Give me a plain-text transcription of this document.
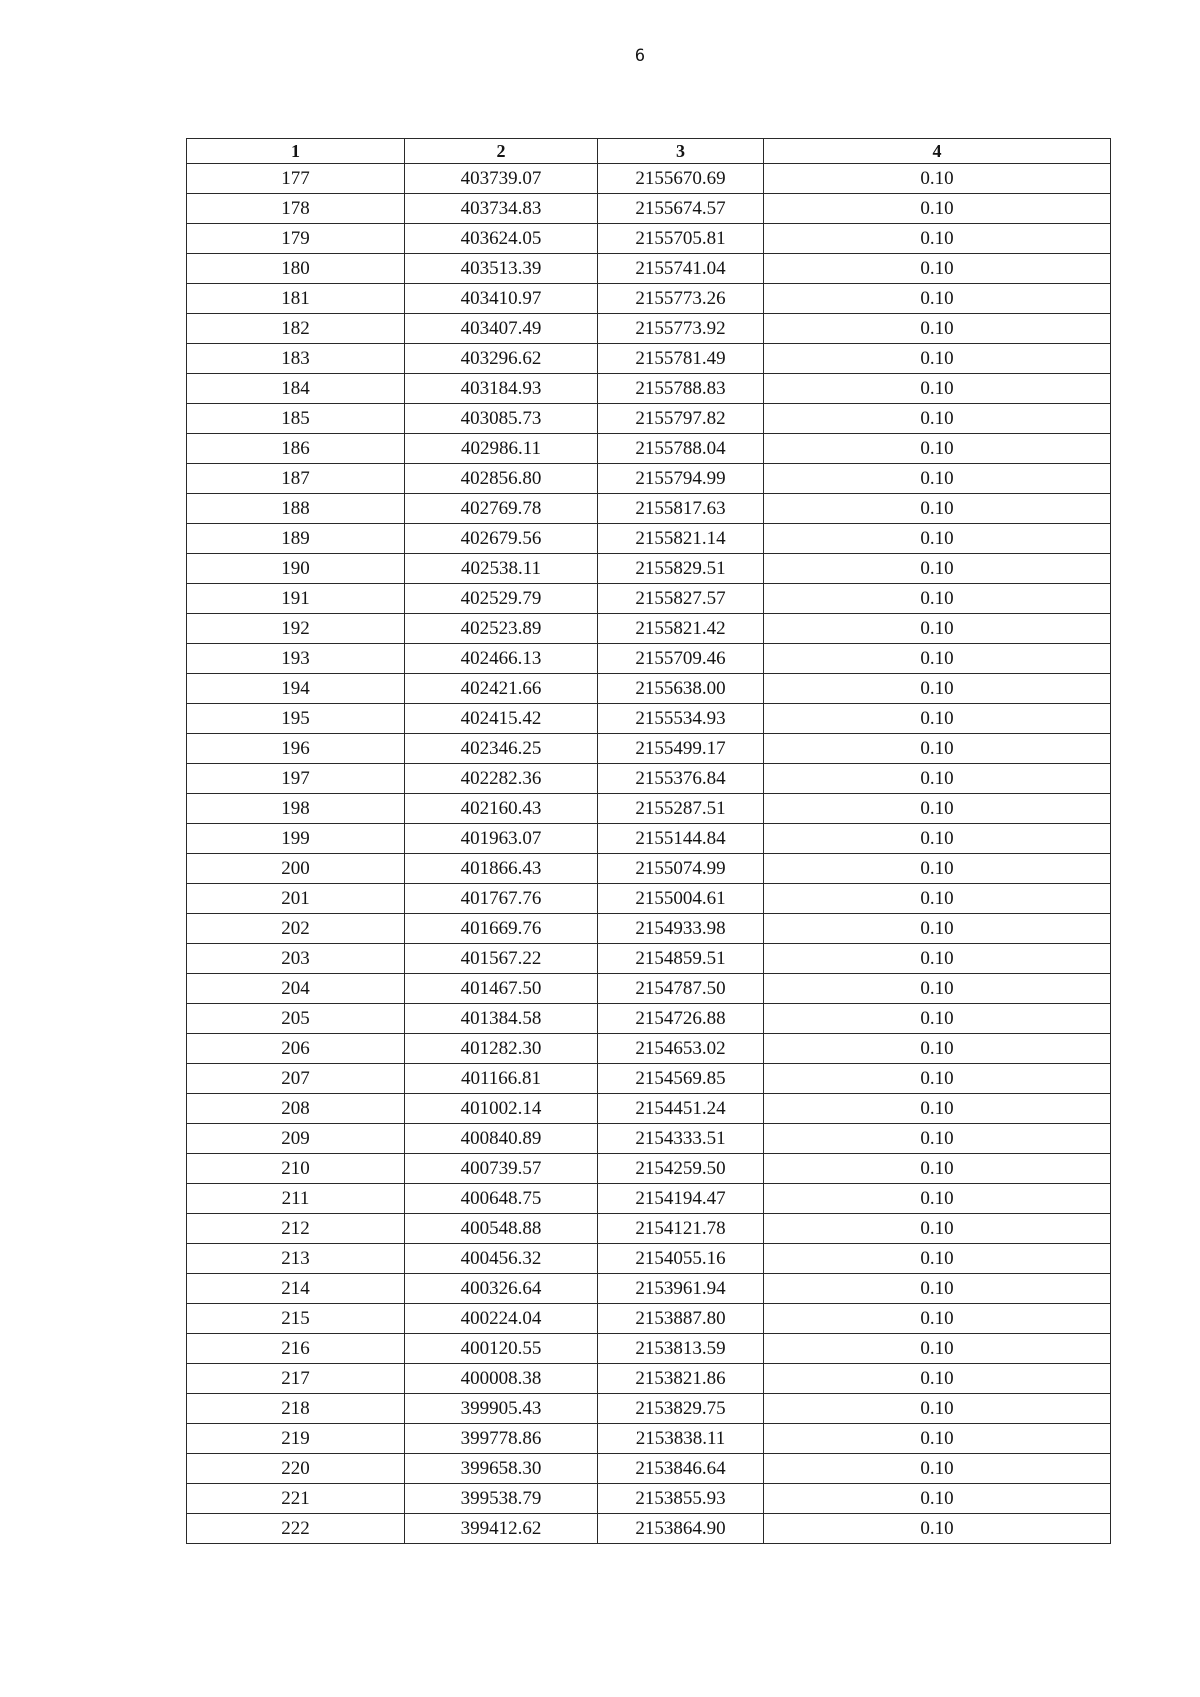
6
1	2	3	4
177	403739.07	2155670.69	0.10
178	403734.83	2155674.57	0.10
179	403624.05	2155705.81	0.10
180	403513.39	2155741.04	0.10
181	403410.97	2155773.26	0.10
182	403407.49	2155773.92	0.10
183	403296.62	2155781.49	0.10
184	403184.93	2155788.83	0.10
185	403085.73	2155797.82	0.10
186	402986.11	2155788.04	0.10
187	402856.80	2155794.99	0.10
188	402769.78	2155817.63	0.10
189	402679.56	2155821.14	0.10
190	402538.11	2155829.51	0.10
191	402529.79	2155827.57	0.10
192	402523.89	2155821.42	0.10
193	402466.13	2155709.46	0.10
194	402421.66	2155638.00	0.10
195	402415.42	2155534.93	0.10
196	402346.25	2155499.17	0.10
197	402282.36	2155376.84	0.10
198	402160.43	2155287.51	0.10
199	401963.07	2155144.84	0.10
200	401866.43	2155074.99	0.10
201	401767.76	2155004.61	0.10
202	401669.76	2154933.98	0.10
203	401567.22	2154859.51	0.10
204	401467.50	2154787.50	0.10
205	401384.58	2154726.88	0.10
206	401282.30	2154653.02	0.10
207	401166.81	2154569.85	0.10
208	401002.14	2154451.24	0.10
209	400840.89	2154333.51	0.10
210	400739.57	2154259.50	0.10
211	400648.75	2154194.47	0.10
212	400548.88	2154121.78	0.10
213	400456.32	2154055.16	0.10
214	400326.64	2153961.94	0.10
215	400224.04	2153887.80	0.10
216	400120.55	2153813.59	0.10
217	400008.38	2153821.86	0.10
218	399905.43	2153829.75	0.10
219	399778.86	2153838.11	0.10
220	399658.30	2153846.64	0.10
221	399538.79	2153855.93	0.10
222	399412.62	2153864.90	0.10
